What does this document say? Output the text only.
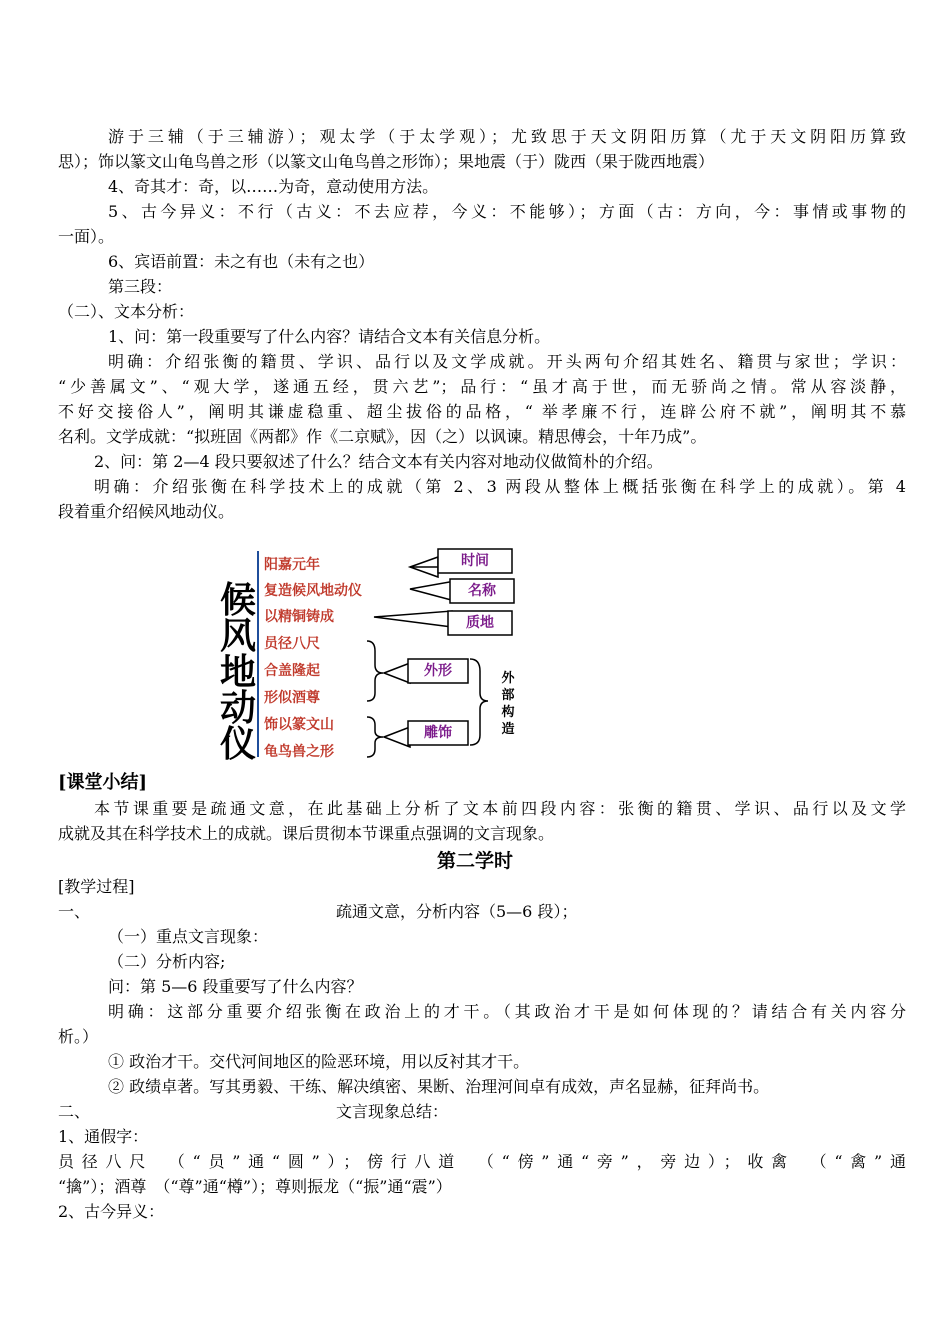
游于三辅（于三辅游）；观太学（于太学观）；尤致思于天文阴阳历算（尤于天文阴阳历算致
思）；饰以篆文山龟鸟兽之形（以篆文山龟鸟兽之形饰）；果地震（于）陇西（果于陇西地震）
4、奇其才：奇，以……为奇，意动使用方法。
5、古今异义：不行（古义：不去应荐，今义：不能够）；方面（古：方向，今：事情或事物的
一面）。
6、宾语前置：未之有也（未有之也）
第三段：
（二）、文本分析：
1、问：第一段重要写了什么内容？请结合文本有关信息分析。
明确：介绍张衡的籍贯、学识、品行以及文学成就。开头两句介绍其姓名、籍贯与家世；学识：
“少善属文”、“观大学，遂通五经，贯六艺”；品行：“虽才高于世，而无骄尚之情。常从容淡静，
不好交接俗人”，阐明其谦虚稳重、超尘拔俗的品格，“ 举孝廉不行，连辟公府不就”，阐明其不慕
名利。文学成就：“拟班固《两都》作《二京赋》，因（之）以讽谏。精思傅会，十年乃成”。
2、问：第 2—4 段只要叙述了什么？结合文本有关内容对地动仪做简朴的介绍。
明确：介绍张衡在科学技术上的成就（第 2、3 两段从整体上概括张衡在科学上的成就）。第 4
段着重介绍候风地动仪。
候
风
地
动
仪
阳嘉元年
复造候风地动仪
以精铜铸成
员径八尺
合盖隆起
形似酒尊
饰以篆文山
龟鸟兽之形
时间
名称
质地
外形
雕饰
外
部
构
造
[课堂小结]
本节课重要是疏通文意，在此基础上分析了文本前四段内容：张衡的籍贯、学识、品行以及文学
成就及其在科学技术上的成就。课后贯彻本节课重点强调的文言现象。
第二学时
[教学过程]
一、	疏通文意，分析内容（5—6 段）；
（一）重点文言现象：
（二）分析内容;
问：第 5—6 段重要写了什么内容？
明确：这部分重要介绍张衡在政治上的才干。（其政治才干是如何体现的？请结合有关内容分
析。）
① 政治才干。交代河间地区的险恶环境，用以反衬其才干。
② 政绩卓著。写其勇毅、干练、解决缜密、果断、治理河间卓有成效，声名显赫，征拜尚书。
二、	文言现象总结：
1、通假字：
员径八尺　（“员”通“圆”）；傍行八道　（“傍”通“旁”，旁边）；收禽　（“禽”通
“擒”）；酒尊　（“尊”通“樽”）；尊则振龙（“振”通“震”）
2、古今异义：
